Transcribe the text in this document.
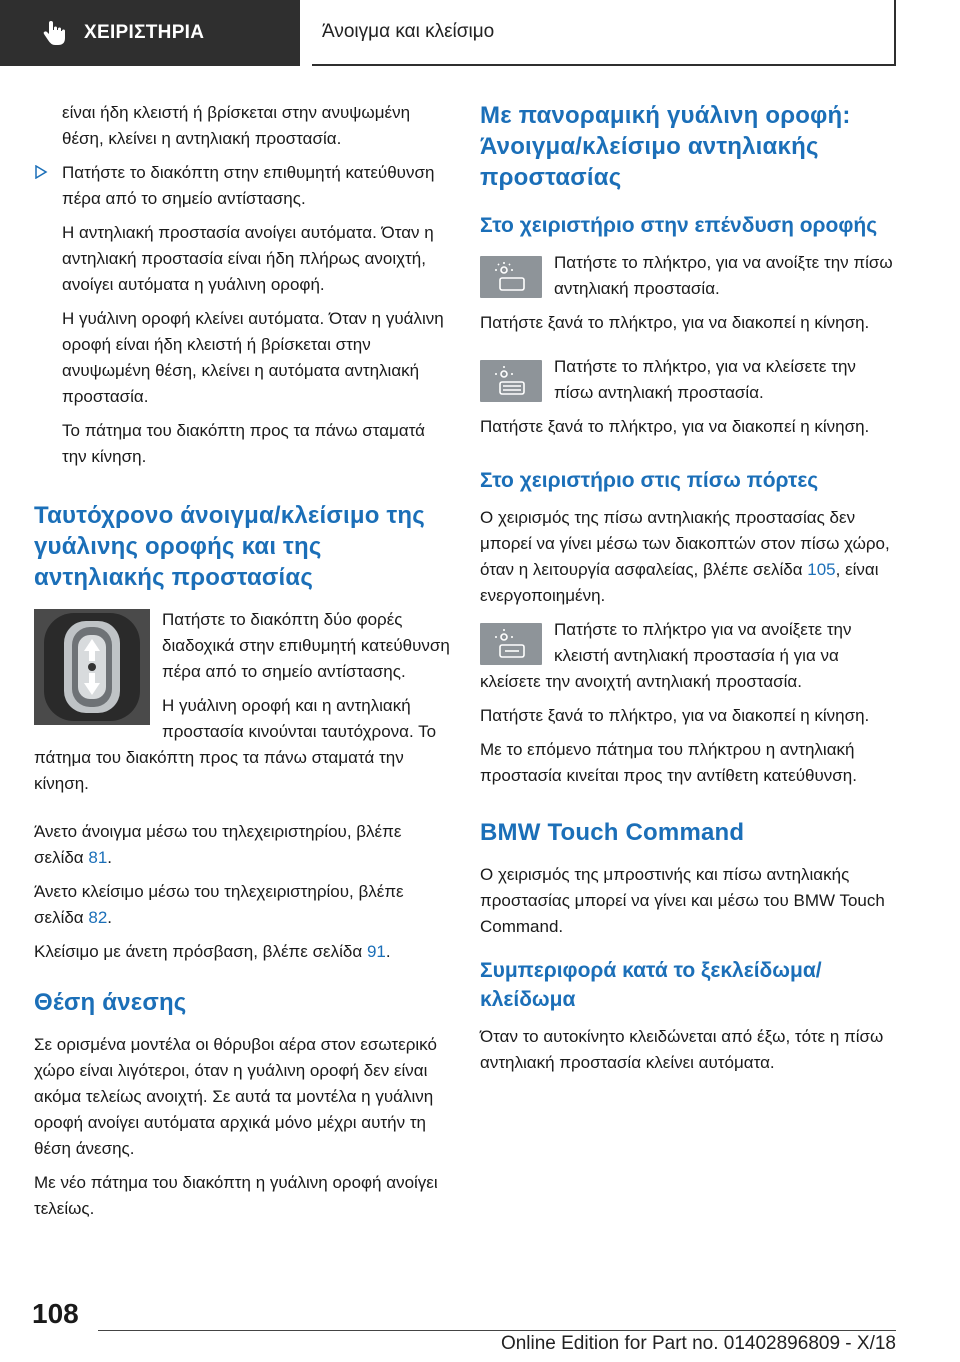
ΧΕΙΡΙΣΤΗΡΙΑ	Άνοιγμα και κλείσιμο

είναι ήδη κλειστή ή βρίσκεται στην ανυψωμένη θέση, κλείνει η αντηλιακή προστασία.

Πατήστε το διακόπτη στην επιθυμητή κατεύθυνση πέρα από το σημείο αντίστασης.

Η αντηλιακή προστασία ανοίγει αυτόματα. Όταν η αντηλιακή προστασία είναι ήδη πλήρως ανοιχτή, ανοίγει αυτόματα η γυάλινη οροφή.

Η γυάλινη οροφή κλείνει αυτόματα. Όταν η γυάλινη οροφή είναι ήδη κλειστή ή βρίσκεται στην ανυψωμένη θέση, κλείνει η αυτόματα αντηλιακή προστασία.

Το πάτημα του διακόπτη προς τα πάνω σταματά την κίνηση.

Ταυτόχρονο άνοιγμα/κλείσιμο της γυάλινης οροφής και της αντηλιακής προστασίας

Πατήστε το διακόπτη δύο φορές διαδοχικά στην επιθυμητή κατεύθυνση πέρα από το σημείο αντίστασης.

Η γυάλινη οροφή και η αντηλιακή προστασία κινούνται ταυτόχρονα. Το πάτημα του διακόπτη προς τα πάνω σταματά την κίνηση.

Άνετο άνοιγμα μέσω του τηλεχειριστηρίου, βλέπε σελίδα 81.

Άνετο κλείσιμο μέσω του τηλεχειριστηρίου, βλέπε σελίδα 82.

Κλείσιμο με άνετη πρόσβαση, βλέπε σελίδα 91.

Θέση άνεσης

Σε ορισμένα μοντέλα οι θόρυβοι αέρα στον εσωτερικό χώρο είναι λιγότεροι, όταν η γυάλινη οροφή δεν είναι ακόμα τελείως ανοιχτή. Σε αυτά τα μοντέλα η γυάλινη οροφή ανοίγει αυτόματα αρχικά μόνο μέχρι αυτήν τη θέση άνεσης.

Με νέο πάτημα του διακόπτη η γυάλινη οροφή ανοίγει τελείως.

Με πανοραμική γυάλινη οροφή: Άνοιγμα/κλείσιμο αντηλιακής προστασίας
Στο χειριστήριο στην επένδυση οροφής

Πατήστε το πλήκτρο, για να ανοίξτε την πίσω αντηλιακή προστασία.

Πατήστε ξανά το πλήκτρο, για να διακοπεί η κίνηση.

Πατήστε το πλήκτρο, για να κλείσετε την πίσω αντηλιακή προστασία.

Πατήστε ξανά το πλήκτρο, για να διακοπεί η κίνηση.

Στο χειριστήριο στις πίσω πόρτες

Ο χειρισμός της πίσω αντηλιακής προστασίας δεν μπορεί να γίνει μέσω των διακοπτών στον πίσω χώρο, όταν η λειτουργία ασφαλείας, βλέπε σελίδα 105, είναι ενεργοποιημένη.

Πατήστε το πλήκτρο για να ανοίξετε την κλειστή αντηλιακή προστασία ή για να κλείσετε την ανοιχτή αντηλιακή προστασία.

Πατήστε ξανά το πλήκτρο, για να διακοπεί η κίνηση.

Με το επόμενο πάτημα του πλήκτρου η αντηλιακή προστασία κινείται προς την αντίθετη κατεύθυνση.

BMW Touch Command

Ο χειρισμός της μπροστινής και πίσω αντηλιακής προστασίας μπορεί να γίνει και μέσω του BMW Touch Command.

Συμπεριφορά κατά το ξεκλείδωμα/ κλείδωμα

Όταν το αυτοκίνητο κλειδώνεται από έξω, τότε η πίσω αντηλιακή προστασία κλείνει αυτόματα.

108
Online Edition for Part no. 01402896809 - X/18
